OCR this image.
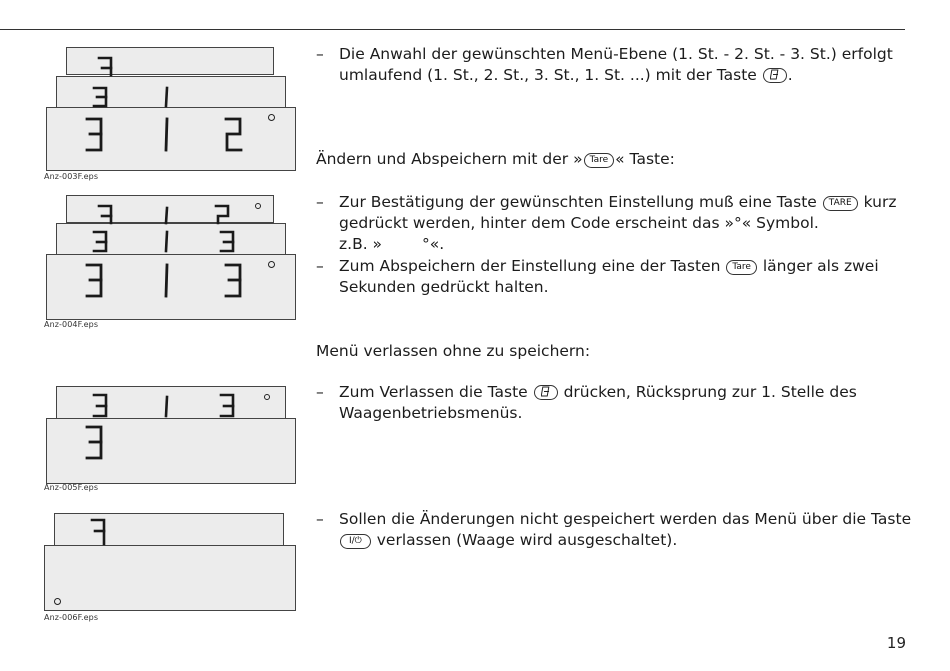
Anz-003F.eps
Anz-004F.eps
Anz-005F.eps
Anz-006F.eps
– Die Anwahl der gewünschten Menü-Ebene (1. St. - 2. St. - 3. St.) erfolgt
umlaufend (1. St., 2. St., 3. St., 1. St. ...) mit der Taste .
Ändern und Abspeichern mit der » Tare « Taste:
– Zur Bestätigung der gewünschten Einstellung muß eine Taste TARE kurz
gedrückt werden, hinter dem Code erscheint das »°« Symbol.
z.B. »	°«.
– Zum Abspeichern der Einstellung eine der Tasten Tare länger als zwei
Sekunden gedrückt halten.
Menü verlassen ohne zu speichern:
– Zum Verlassen die Taste drücken, Rücksprung zur 1. Stelle des
Waagenbetriebsmenüs.
– Sollen die Änderungen nicht gespeichert werden das Menü über die Taste
I/⏻ verlassen (Waage wird ausgeschaltet).
19
